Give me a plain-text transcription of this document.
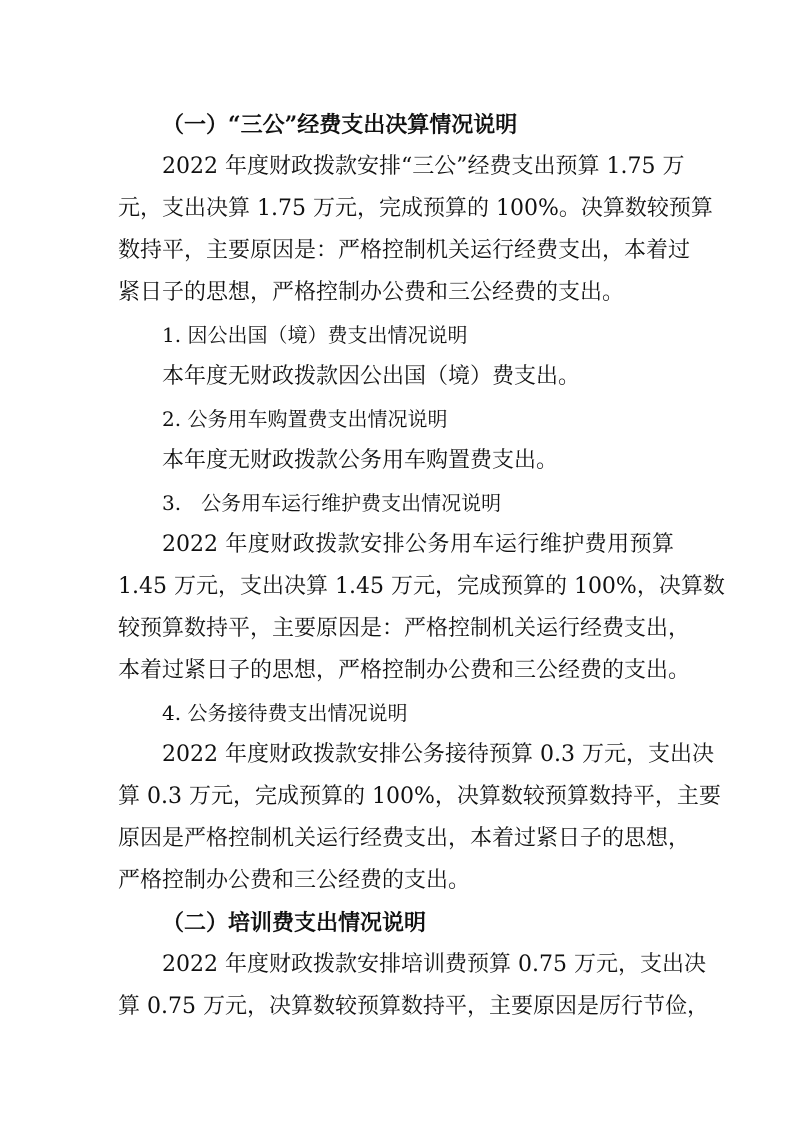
（一）“三公”经费支出决算情况说明
2022 年度财政拨款安排“三公”经费支出预算 1.75 万
元，支出决算 1.75 万元，完成预算的 100%。决算数较预算
数持平，主要原因是：严格控制机关运行经费支出，本着过
紧日子的思想，严格控制办公费和三公经费的支出。
1. 因公出国（境）费支出情况说明
本年度无财政拨款因公出国（境）费支出。
2. 公务用车购置费支出情况说明
本年度无财政拨款公务用车购置费支出。
3.　公务用车运行维护费支出情况说明
2022 年度财政拨款安排公务用车运行维护费用预算
1.45 万元，支出决算 1.45 万元，完成预算的 100%，决算数
较预算数持平，主要原因是：严格控制机关运行经费支出，
本着过紧日子的思想，严格控制办公费和三公经费的支出。
4. 公务接待费支出情况说明
2022 年度财政拨款安排公务接待预算 0.3 万元，支出决
算 0.3 万元，完成预算的 100%，决算数较预算数持平，主要
原因是严格控制机关运行经费支出，本着过紧日子的思想，
严格控制办公费和三公经费的支出。
（二）培训费支出情况说明
2022 年度财政拨款安排培训费预算 0.75 万元，支出决
算 0.75 万元，决算数较预算数持平，主要原因是厉行节俭，
